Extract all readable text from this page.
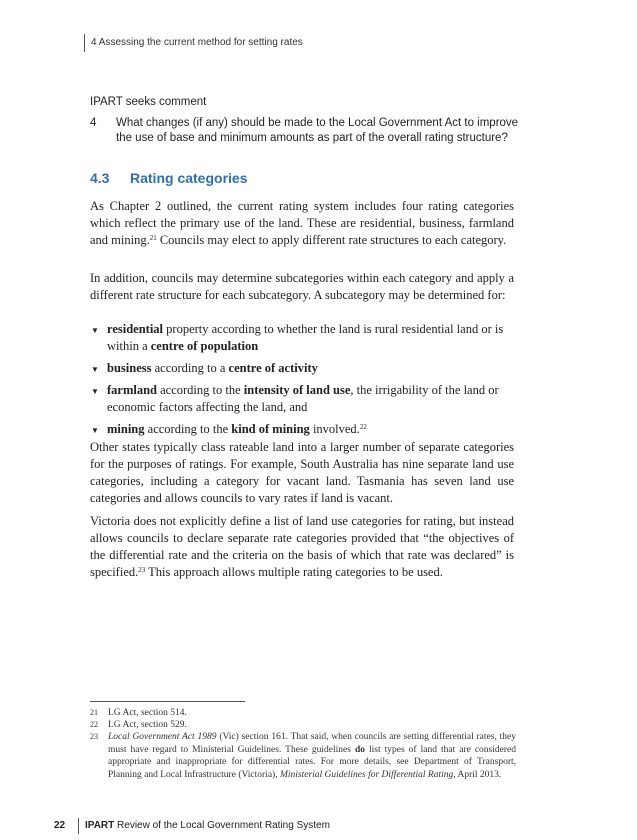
4 Assessing the current method for setting rates
IPART seeks comment
4 What changes (if any) should be made to the Local Government Act to improve the use of base and minimum amounts as part of the overall rating structure?
4.3 Rating categories

As Chapter 2 outlined, the current rating system includes four rating categories which reflect the primary use of the land. These are residential, business, farmland and mining.$^{21}$ Councils may elect to apply different rate structures to each category.

In addition, councils may determine subcategories within each category and apply a different rate structure for each subcategory. A subcategory may be determined for:

▼ residential property according to whether the land is rural residential land or is within a centre of population
▼ business according to a centre of activity
▼ farmland according to the intensity of land use, the irrigability of the land or economic factors affecting the land, and
▼ mining according to the kind of mining involved.$^{22}$

Other states typically class rateable land into a larger number of separate categories for the purposes of ratings. For example, South Australia has nine separate land use categories, including a category for vacant land. Tasmania has seven land use categories and allows councils to vary rates if land is vacant.

Victoria does not explicitly define a list of land use categories for rating, but instead allows councils to declare separate rate categories provided that “the objectives of the differential rate and the criteria on the basis of which that rate was declared” is specified.$^{23}$ This approach allows multiple rating categories to be used.

21 LG Act, section 514.
22 LG Act, section 529.
23 Local Government Act 1989 (Vic) section 161. That said, when councils are setting differential rates, they must have regard to Ministerial Guidelines. These guidelines do list types of land that are considered appropriate and inappropriate for differential rates. For more details, see Department of Transport, Planning and Local Infrastructure (Victoria), Ministerial Guidelines for Differential Rating, April 2013.
22 IPART Review of the Local Government Rating System
